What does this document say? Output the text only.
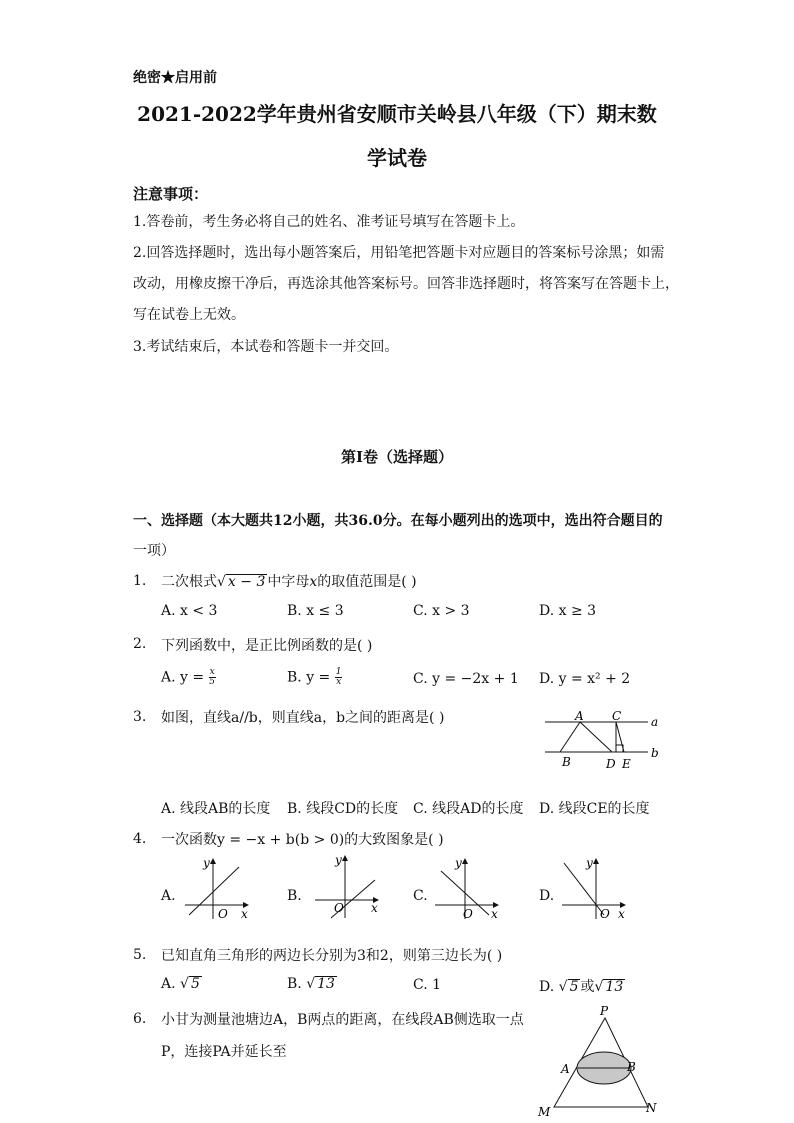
绝密★启用前
2021-2022学年贵州省安顺市关岭县八年级（下）期末数
学试卷
注意事项：
1.答卷前，考生务必将自己的姓名、准考证号填写在答题卡上。
2.回答选择题时，选出每小题答案后，用铅笔把答题卡对应题目的答案标号涂黑；如需
改动，用橡皮擦干净后，再选涂其他答案标号。回答非选择题时，将答案写在答题卡上，
写在试卷上无效。
3.考试结束后，本试卷和答题卡一并交回。
第I卷（选择题）
一、选择题（本大题共12小题，共36.0分。在每小题列出的选项中，选出符合题目的
一项）
1. 二次根式√ x − 3 中字母x的取值范围是( )
A. x < 3	B. x ≤ 3	C. x > 3	D. x ≥ 3
2. 下列函数中，是正比例函数的是( )
A. $y = \frac{x}{5}$	B. $y = \frac{1}{x}$	C. y = −2x + 1 D. y = x² + 2
3. 如图，直线a//b，则直线a，b之间的距离是( )	A C a
b
B	D E
A. 线段AB的长度 B. 线段CD的长度 C. 线段AD的长度 D. 线段CE的长度
4. 一次函数y = −x + b(b > 0)的大致图象是( )
A.
y
x
O
B.
y
x
O
C.
y
x
O
D.
y
x
O
5. 已知直角三角形的两边长分别为3和2，则第三边长为( )
A. √ 5	B. √ 13	C. 1	D. √ 5 或√ 13
6. 小甘为测量池塘边A，B两点的距离，在线段AB侧选取一点
P，连接PA并延长至
P
A	B
M	N
